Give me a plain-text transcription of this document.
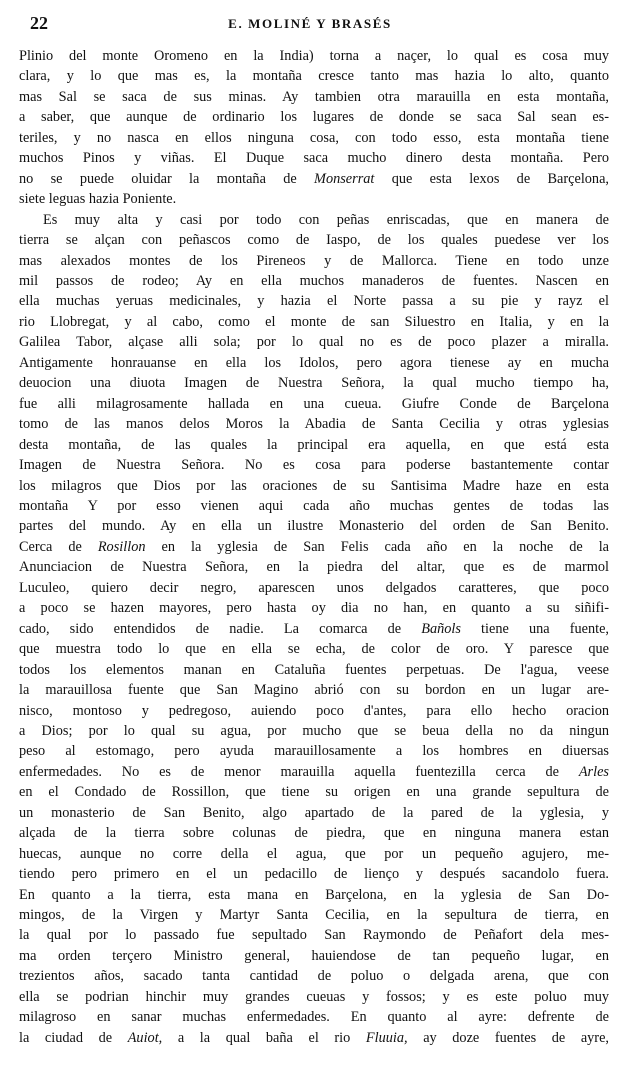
22	E. MOLINÉ Y BRASÉS
Plinio del monte Oromeno en la India) torna a naçer, lo qual es cosa muy
clara, y lo que mas es, la montaña cresce tanto mas hazia lo alto, quanto
mas Sal se saca de sus minas. Ay tambien otra marauilla en esta montaña,
a saber, que aunque de ordinario los lugares de donde se saca Sal sean es-
teriles, y no nasca en ellos ninguna cosa, con todo esso, esta montaña tiene
muchos Pinos y viñas. El Duque saca mucho dinero desta montaña. Pero
no se puede oluidar la montaña de Monserrat que esta lexos de Barçelona,
siete leguas hazia Poniente.
Es muy alta y casi por todo con peñas enriscadas, que en manera de
tierra se alçan con peñascos como de Iaspo, de los quales puedese ver los
mas alexados montes de los Pireneos y de Mallorca. Tiene en todo unze
mil passos de rodeo; Ay en ella muchos manaderos de fuentes. Nascen en
ella muchas yeruas medicinales, y hazia el Norte passa a su pie y rayz el
rio Llobregat, y al cabo, como el monte de san Siluestro en Italia, y en la
Galilea Tabor, alçase alli sola; por lo qual no es de poco plazer a miralla.
Antigamente honrauanse en ella los Idolos, pero agora tienese ay en mucha
deuocion una diuota Imagen de Nuestra Señora, la qual mucho tiempo ha,
fue alli milagrosamente hallada en una cueua. Giufre Conde de Barçelona
tomo de las manos delos Moros la Abadia de Santa Cecilia y otras yglesias
desta montaña, de las quales la principal era aquella, en que está esta
Imagen de Nuestra Señora. No es cosa para poderse bastantemente contar
los milagros que Dios por las oraciones de su Santisima Madre haze en esta
montaña Y por esso vienen aqui cada año muchas gentes de todas las
partes del mundo. Ay en ella un ilustre Monasterio del orden de San Benito.
Cerca de Rosillon en la yglesia de San Felis cada año en la noche de la
Anunciacion de Nuestra Señora, en la piedra del altar, que es de marmol
Luculeo, quiero decir negro, aparescen unos delgados caratteres, que poco
a poco se hazen mayores, pero hasta oy dia no han, en quanto a su siñifi-
cado, sido entendidos de nadie. La comarca de Bañols tiene una fuente,
que muestra todo lo que en ella se echa, de color de oro. Y paresce que
todos los elementos manan en Cataluña fuentes perpetuas. De l'agua, veese
la marauillosa fuente que San Magino abrió con su bordon en un lugar are-
nisco, montoso y pedregoso, auiendo poco d'antes, para ello hecho oracion
a Dios; por lo qual su agua, por mucho que se beua della no da ningun
peso al estomago, pero ayuda marauillosamente a los hombres en diuersas
enfermedades. No es de menor marauilla aquella fuentezilla cerca de Arles
en el Condado de Rossillon, que tiene su origen en una grande sepultura de
un monasterio de San Benito, algo apartado de la pared de la yglesia, y
alçada de la tierra sobre colunas de piedra, que en ninguna manera estan
huecas, aunque no corre della el agua, que por un pequeño agujero, me-
tiendo pero primero en el un pedacillo de lienço y después sacandolo fuera.
En quanto a la tierra, esta mana en Barçelona, en la yglesia de San Do-
mingos, de la Virgen y Martyr Santa Cecilia, en la sepultura de tierra, en
la qual por lo passado fue sepultado San Raymondo de Peñafort dela mes-
ma orden terçero Ministro general, hauiendose de tan pequeño lugar, en
trezientos años, sacado tanta cantidad de poluo o delgada arena, que con
ella se podrian hinchir muy grandes cueuas y fossos; y es este poluo muy
milagroso en sanar muchas enfermedades. En quanto al ayre: defrente de
la ciudad de Auiot, a la qual baña el rio Fluuia, ay doze fuentes de ayre,
